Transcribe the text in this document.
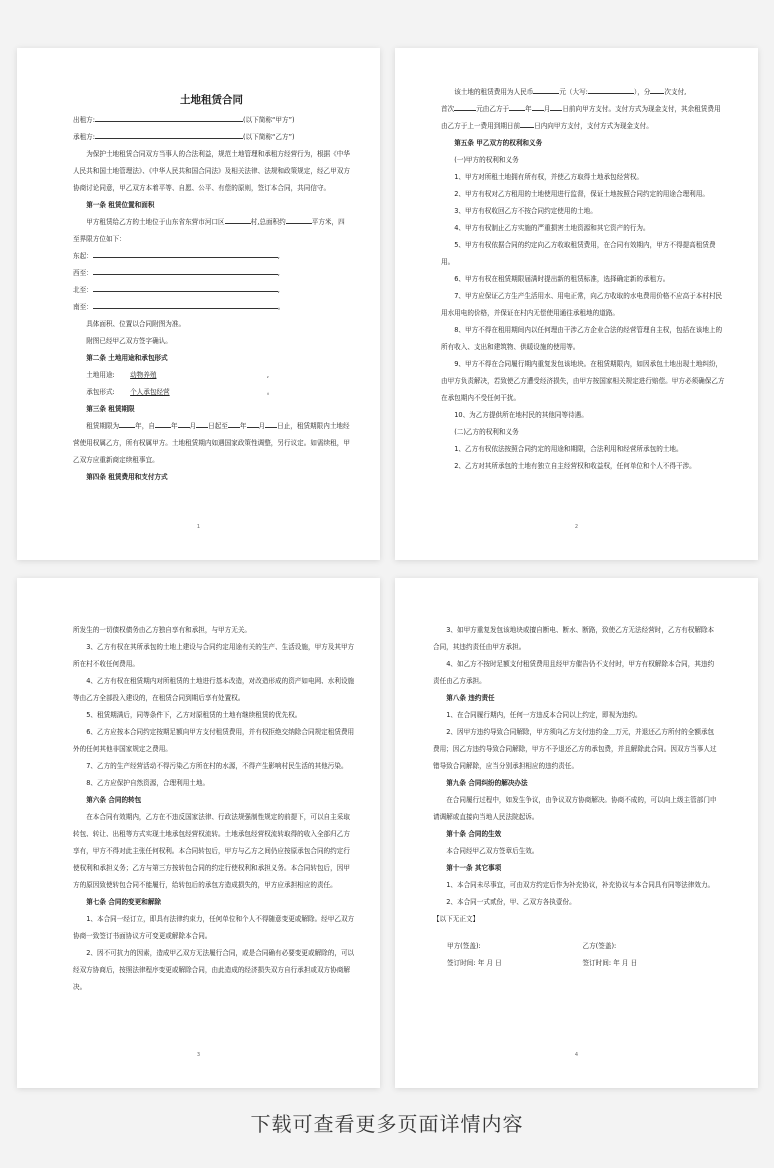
土地租赁合同
出租方:	(以下简称“甲方”)
承租方:	(以下简称“乙方”)
为保护土地租赁合同双方当事人的合法利益，规范土地管理和承租方经营行为，根据《中华人民共和国土地管理法》、《中华人民共和国合同法》及相关法律、法规和政策规定，经乙甲双方协商讨论同意，甲乙双方本着平等、自愿、公平、有偿的原则，签订本合同，共同信守。
第一条 租赁位置和面积
甲方租赁给乙方的土地位于山东省东营市河口区	村,总面积约	平方米，四至界限方位如下：
东起：	,
西至：	,
北至：	,
南至：	。
具体面积、位置以合同附图为准。
附图已经甲乙双方签字确认。
第二条 土地用途和承包形式
土地用途: 动物养殖	,
承包形式: 个人承包经营	。
第三条 租赁期限
租赁期限为 年，自 年 月 日起至 年 月 日止，租赁期限内土地经营使用权属乙方，所有权属甲方。土地租赁期内如遇国家政策性调整，另行议定。如需续租，甲乙双方应重新商定续租事宜。
第四条 租赁费用和支付方式
1
该土地的租赁费用为人民币	元（大写:	），分 次支付,
首次	元由乙方于 年 月 日前向甲方支付。支付方式为现金支付，其余租赁费用由乙方于上一费用到期日前 日内向甲方支付，支付方式为现金支付。
第五条 甲乙双方的权利和义务
(一)甲方的权利和义务
1、甲方对所租土地拥有所有权，并使乙方取得土地承包经营权。
2、甲方有权对乙方租用的土地使用进行监督，保证土地按照合同约定的用途合理利用。
3、甲方有权收回乙方不按合同约定使用的土地。
4、甲方有权制止乙方实施的严重损害土地资源和其它资产的行为。
5、甲方有权依据合同的约定向乙方收取租赁费用，在合同有效期内，甲方不得提高租赁费用。
6、甲方有权在租赁期限届满时提出新的租赁标准，选择确定新的承租方。
7、甲方应保证乙方生产生活用水、用电正常，向乙方收取的水电费用价格不应高于本村村民用水用电的价格，并保证在村内无偿使用通往承租地的道路。
8、甲方不得在租用期间内以任何理由干涉乙方企业合法的经营管理自主权，包括在该地上的所有收入、支出和建筑物、供暖设施的使用等。
9、甲方不得在合同履行期内重复发包该地块。在租赁期限内，如因承包土地出现土地纠纷，由甲方负责解决，若致使乙方遭受经济损失，由甲方按国家相关规定进行赔偿。甲方必须确保乙方在承包期内不受任何干扰。
10、为乙方提供所在地村民的其他同等待遇。
(二)乙方的权利和义务
1、乙方有权依法按照合同约定的用途和期限，合法利用和经营所承包的土地。
2、乙方对其所承包的土地有独立自主经营权和收益权，任何单位和个人不得干涉。
2
所发生的一切债权债务由乙方独自享有和承担，与甲方无关。
3、乙方有权在其所承包的土地上建设与合同约定用途有关的生产、生活设施，甲方及其甲方所在村不收任何费用。
4、乙方有权在租赁期内对所租赁的土地进行基本改造，对改造形成的资产如电网、水利设施等由乙方全部投入建设的，在租赁合同到期后享有处置权。
5、租赁期满后，同等条件下，乙方对原租赁的土地有继续租赁的优先权。
6、乙方应按本合同约定按期足额向甲方支付租赁费用，并有权拒绝交纳除合同规定租赁费用外的任何其他非国家规定之费用。
7、乙方的生产经营活动不得污染乙方所在村的水源，不得产生影响村民生活的其他污染。
8、乙方应保护自然资源，合理利用土地。
第六条 合同的转包
在本合同有效期内，乙方在不违反国家法律、行政法规强制性规定的前提下，可以自主采取转包、转让、出租等方式实现土地承包经营权流转。土地承包经营权流转取得的收入全部归乙方享有，甲方不得对此主张任何权利。本合同转包后，甲方与乙方之间仍应按原承包合同的约定行使权利和承担义务；乙方与第三方按转包合同的约定行使权利和承担义务。本合同转包后，因甲方的原因致使转包合同不能履行，给转包后的承包方造成损失的，甲方应承担相应的责任。
第七条 合同的变更和解除
1、本合同一经订立，即具有法律约束力，任何单位和个人不得随意变更或解除。经甲乙双方协商一致签订书面协议方可变更或解除本合同。
2、因不可抗力的因素，造成甲乙双方无法履行合同，或是合同确有必要变更或解除的，可以经双方协商后，按照法律程序变更或解除合同，由此造成的经济损失双方自行承担或双方协商解决。
3
3、如甲方重复发包该地块或擅自断电、断水、断路，致使乙方无法经营时，乙方有权解除本合同，其违约责任由甲方承担。
4、如乙方不按时足额支付租赁费用且经甲方催告仍不支付时，甲方有权解除本合同，其违约责任由乙方承担。
第八条 违约责任
1、在合同履行期内，任何一方违反本合同以上约定，即视为违约。
2、因甲方违约导致合同解除，甲方须向乙方支付违约金＿万元，并退还乙方所付的全额承包费用；因乙方违约导致合同解除，甲方不予退还乙方的承包费，并且解除此合同。因双方当事人过错导致合同解除，应当分别承担相应的违约责任。
第九条 合同纠纷的解决办法
在合同履行过程中，如发生争议，由争议双方协商解决。协商不成的，可以向上级主管部门申请调解或直接向当地人民法院起诉。
第十条 合同的生效
本合同经甲乙双方签章后生效。
第十一条 其它事项
1、本合同未尽事宜，可由双方约定后作为补充协议，补充协议与本合同具有同等法律效力。
2、本合同一式贰份，甲、乙双方各执壹份。
【以下无正文】
甲方(签盖):	乙方(签盖):
签订时间: 年 月 日	签订时间: 年 月 日
4
下载可查看更多页面详情内容
